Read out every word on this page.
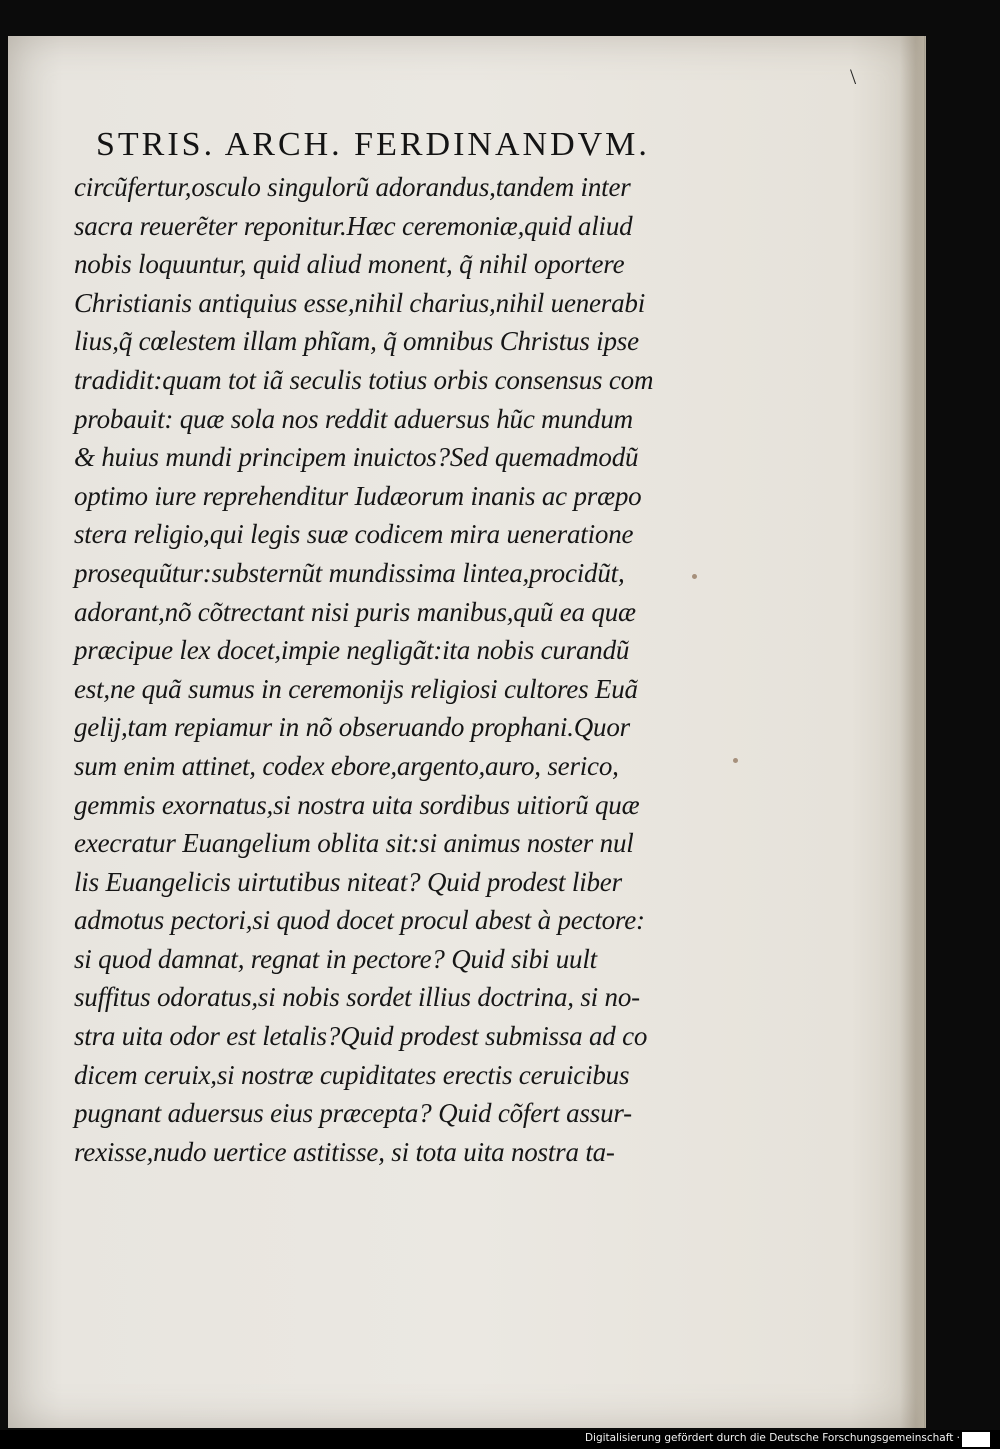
\
STRIS. ARCH. FERDINANDVM.
circũfertur,osculo singulorũ adorandus,tandem inter
sacra reuerẽter reponitur.Hæc ceremoniæ,quid aliud
nobis loquuntur, quid aliud monent, q̃ nihil oportere
Christianis antiquius esse,nihil charius,nihil uenerabi
lius,q̃ cœlestem illam phĩam, q̃ omnibus Christus ipse
tradidit:quam tot iã seculis totius orbis consensus com
probauit: quæ sola nos reddit aduersus hũc mundum
& huius mundi principem inuictos?Sed quemadmodũ
optimo iure reprehenditur Iudæorum inanis ac præpo
stera religio,qui legis suæ codicem mira ueneratione
prosequũtur:substernũt mundissima lintea,procidũt,
adorant,nõ cõtrectant nisi puris manibus,quũ ea quæ
præcipue lex docet,impie negligãt:ita nobis curandũ
est,ne quã sumus in ceremonijs religiosi cultores Euã
gelij,tam repiamur in nõ obseruando prophani.Quor
sum enim attinet, codex ebore,argento,auro, serico,
gemmis exornatus,si nostra uita sordibus uitiorũ quæ
execratur Euangelium oblita sit:si animus noster nul
lis Euangelicis uirtutibus niteat? Quid prodest liber
admotus pectori,si quod docet procul abest à pectore:
si quod damnat, regnat in pectore? Quid sibi uult
suffitus odoratus,si nobis sordet illius doctrina, si no-
stra uita odor est letalis?Quid prodest submissa ad co
dicem ceruix,si nostræ cupiditates erectis ceruicibus
pugnant aduersus eius præcepta? Quid cõfert assur-
rexisse,nudo uertice astitisse, si tota uita nostra ta-
Digitalisierung gefördert durch die Deutsche Forschungsgemeinschaft ·
